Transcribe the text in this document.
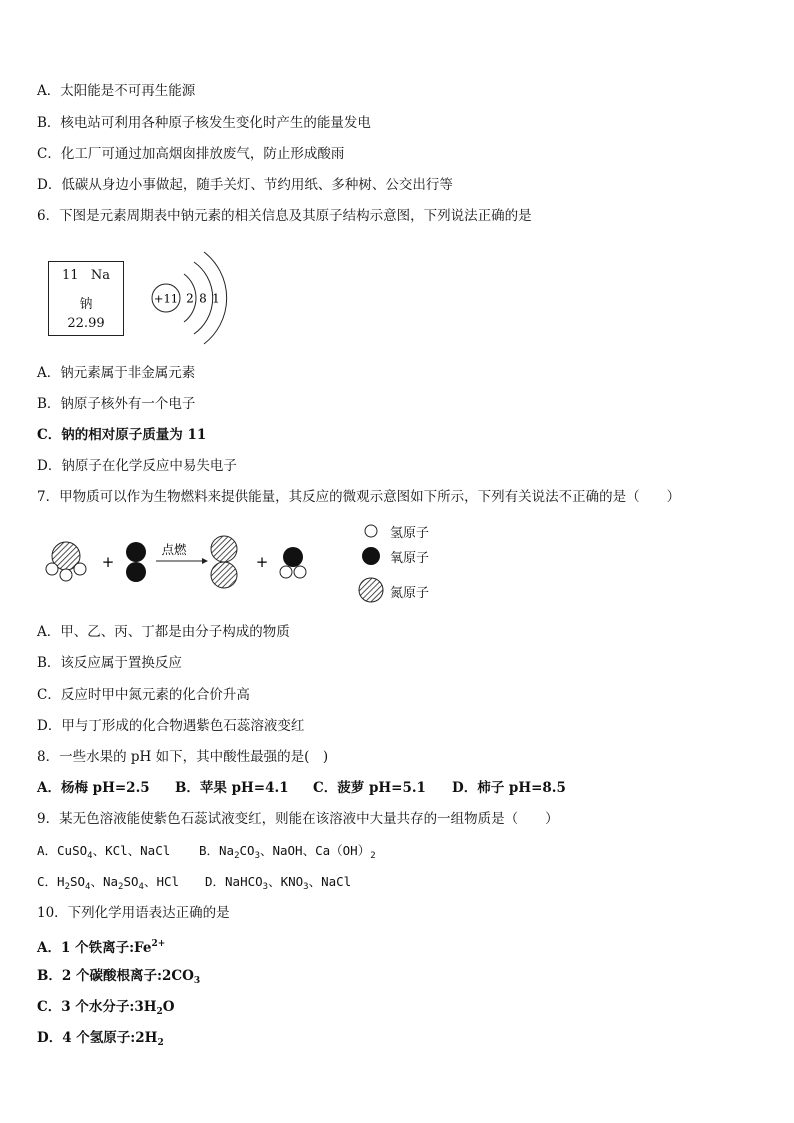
A．太阳能是不可再生能源
B．核电站可利用各种原子核发生变化时产生的能量发电
C．化工厂可通过加高烟囱排放废气，防止形成酸雨
D．低碳从身边小事做起，随手关灯、节约用纸、多种树、公交出行等
6．下图是元素周期表中钠元素的相关信息及其原子结构示意图，下列说法正确的是
11 Na
钠
22.99
+11 2 8 1
A．钠元素属于非金属元素
B．钠原子核外有一个电子
C．钠的相对原子质量为 11
D．钠原子在化学反应中易失电子
7．甲物质可以作为生物燃料来提供能量，其反应的微观示意图如下所示，下列有关说法不正确的是（　　）
+
点燃
+
氢原子
氧原子
氮原子
A．甲、乙、丙、丁都是由分子构成的物质
B．该反应属于置换反应
C．反应时甲中氮元素的化合价升高
D．甲与丁形成的化合物遇紫色石蕊溶液变红
8．一些水果的 pH 如下，其中酸性最强的是(　)
A．杨梅 pH=2.5 B．苹果 pH=4.1 C．菠萝 pH=5.1 D．柿子 pH=8.5
9．某无色溶液能使紫色石蕊试液变红，则能在该溶液中大量共存的一组物质是（　　）
A．CuSO$_4$、KCl、NaCl B．$Na_2CO_3$、NaOH、$Ca(OH)_2$
C．$H_2SO_4$、$Na_2SO_4$、HCl D．NaHCO$_3$、$KNO_3$、NaCl
10．下列化学用语表达正确的是
A．1 个铁离子$:Fe^{2+}$
B．2 个碳酸根离子$:2CO_3$
C．3 个水分子$:3H_2O$
D．4 个氢原子$:2H_2$
